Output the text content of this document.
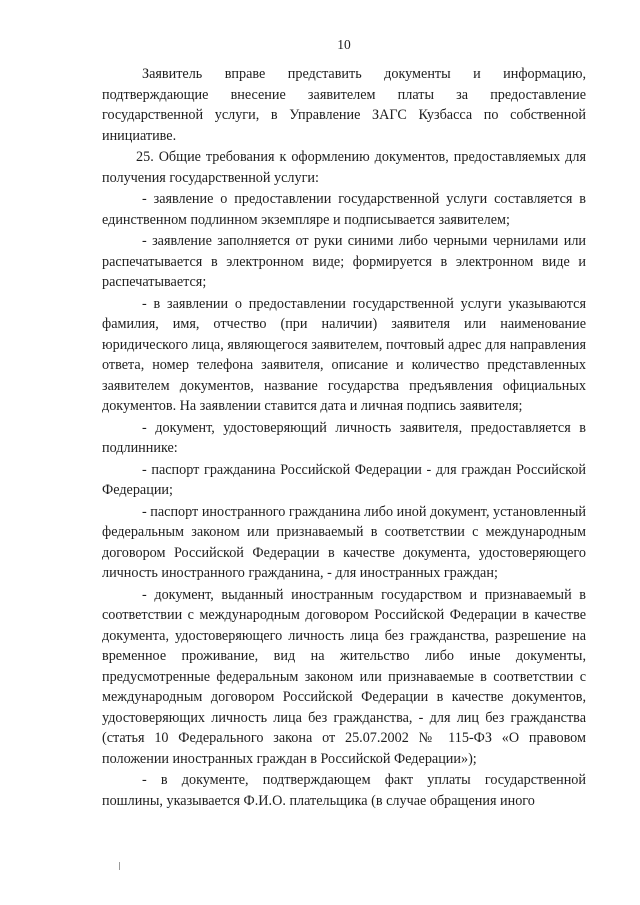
10

Заявитель вправе представить документы и информацию, подтверждающие внесение заявителем платы за предоставление государственной услуги, в Управление ЗАГС Кузбасса по собственной инициативе.

25. Общие требования к оформлению документов, предоставляемых для получения государственной услуги:

- заявление о предоставлении государственной услуги составляется в единственном подлинном экземпляре и подписывается заявителем;

- заявление заполняется от руки синими либо черными чернилами или распечатывается в электронном виде; формируется в электронном виде и распечатывается;

- в заявлении о предоставлении государственной услуги указываются фамилия, имя, отчество (при наличии) заявителя или наименование юридического лица, являющегося заявителем, почтовый адрес для направления ответа, номер телефона заявителя, описание и количество представленных заявителем документов, название государства предъявления официальных документов. На заявлении ставится дата и личная подпись заявителя;

- документ, удостоверяющий личность заявителя, предоставляется в подлиннике:

- паспорт гражданина Российской Федерации - для граждан Российской Федерации;

- паспорт иностранного гражданина либо иной документ, установленный федеральным законом или признаваемый в соответствии с международным договором Российской Федерации в качестве документа, удостоверяющего личность иностранного гражданина, - для иностранных граждан;

- документ, выданный иностранным государством и признаваемый в соответствии с международным договором Российской Федерации в качестве документа, удостоверяющего личность лица без гражданства, разрешение на временное проживание, вид на жительство либо иные документы, предусмотренные федеральным законом или признаваемые в соответствии с международным договором Российской Федерации в качестве документов, удостоверяющих личность лица без гражданства, - для лиц без гражданства (статья 10 Федерального закона от 25.07.2002 № 115-ФЗ «О правовом положении иностранных граждан в Российской Федерации»);

- в документе, подтверждающем факт уплаты государственной пошлины, указывается Ф.И.О. плательщика (в случае обращения иного
